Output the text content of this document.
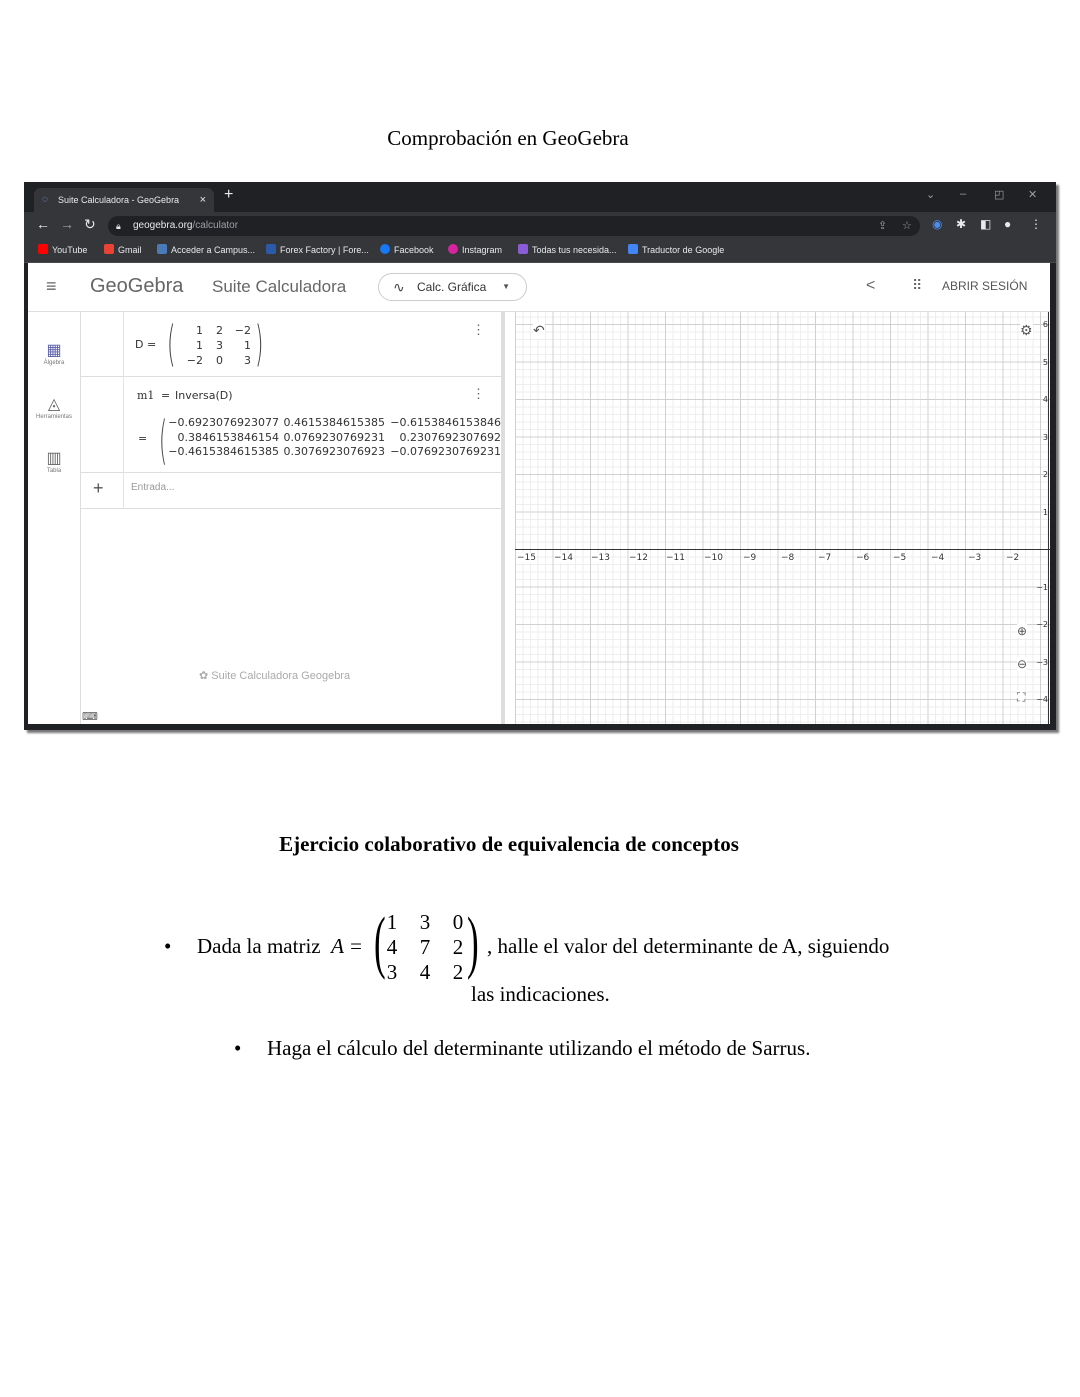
Comprobación en GeoGebra
◌ Suite Calculadora - GeoGebra × +	⌄ –	◰ ✕
← → ↻ 🔒︎ geogebra.org/calculator	⇪ ☆ ◉ ✱ ◧ ● ⋮
YouTube	Gmail	Acceder a Campus...	Forex Factory | Fore...	Facebook	Instagram	Todas tus necesida...	Traductor de Google
≡ GeoGebra Suite Calculadora	∿ Calc. Gráfica ▼	<	⠿ ABRIR SESIÓN
▦
Álgebra
◬
Herramientas
▥
Tabla
D = ( )
1	2	−2
1	3	1
−2	0	3
⋮
m1 = Inversa(D)	⋮
= ( −0.6923076923077 0.4615384615385 −0.6153846153846
0.3846153846154 0.0769230769231	0.2307692307692
−0.4615384615385 0.3076923076923 −0.0769230769231
+	Entrada...
✿ Suite Calculadora Geogebra
⌨
−15 −14 −13 −12 −11 −10 −9	−8	−7	−6	−5	−4	−3	−2
6
5
4
3
2
1
−1
−2
−3
−4
↶	⚙
⊕
⊖
⛶
Ejercicio colaborativo de equivalencia de conceptos
• Dada la matriz A = ( 1 3 0
4 7 2
3 4 2 ) , halle el valor del determinante de A, siguiendo
las indicaciones.
• Haga el cálculo del determinante utilizando el método de Sarrus.
